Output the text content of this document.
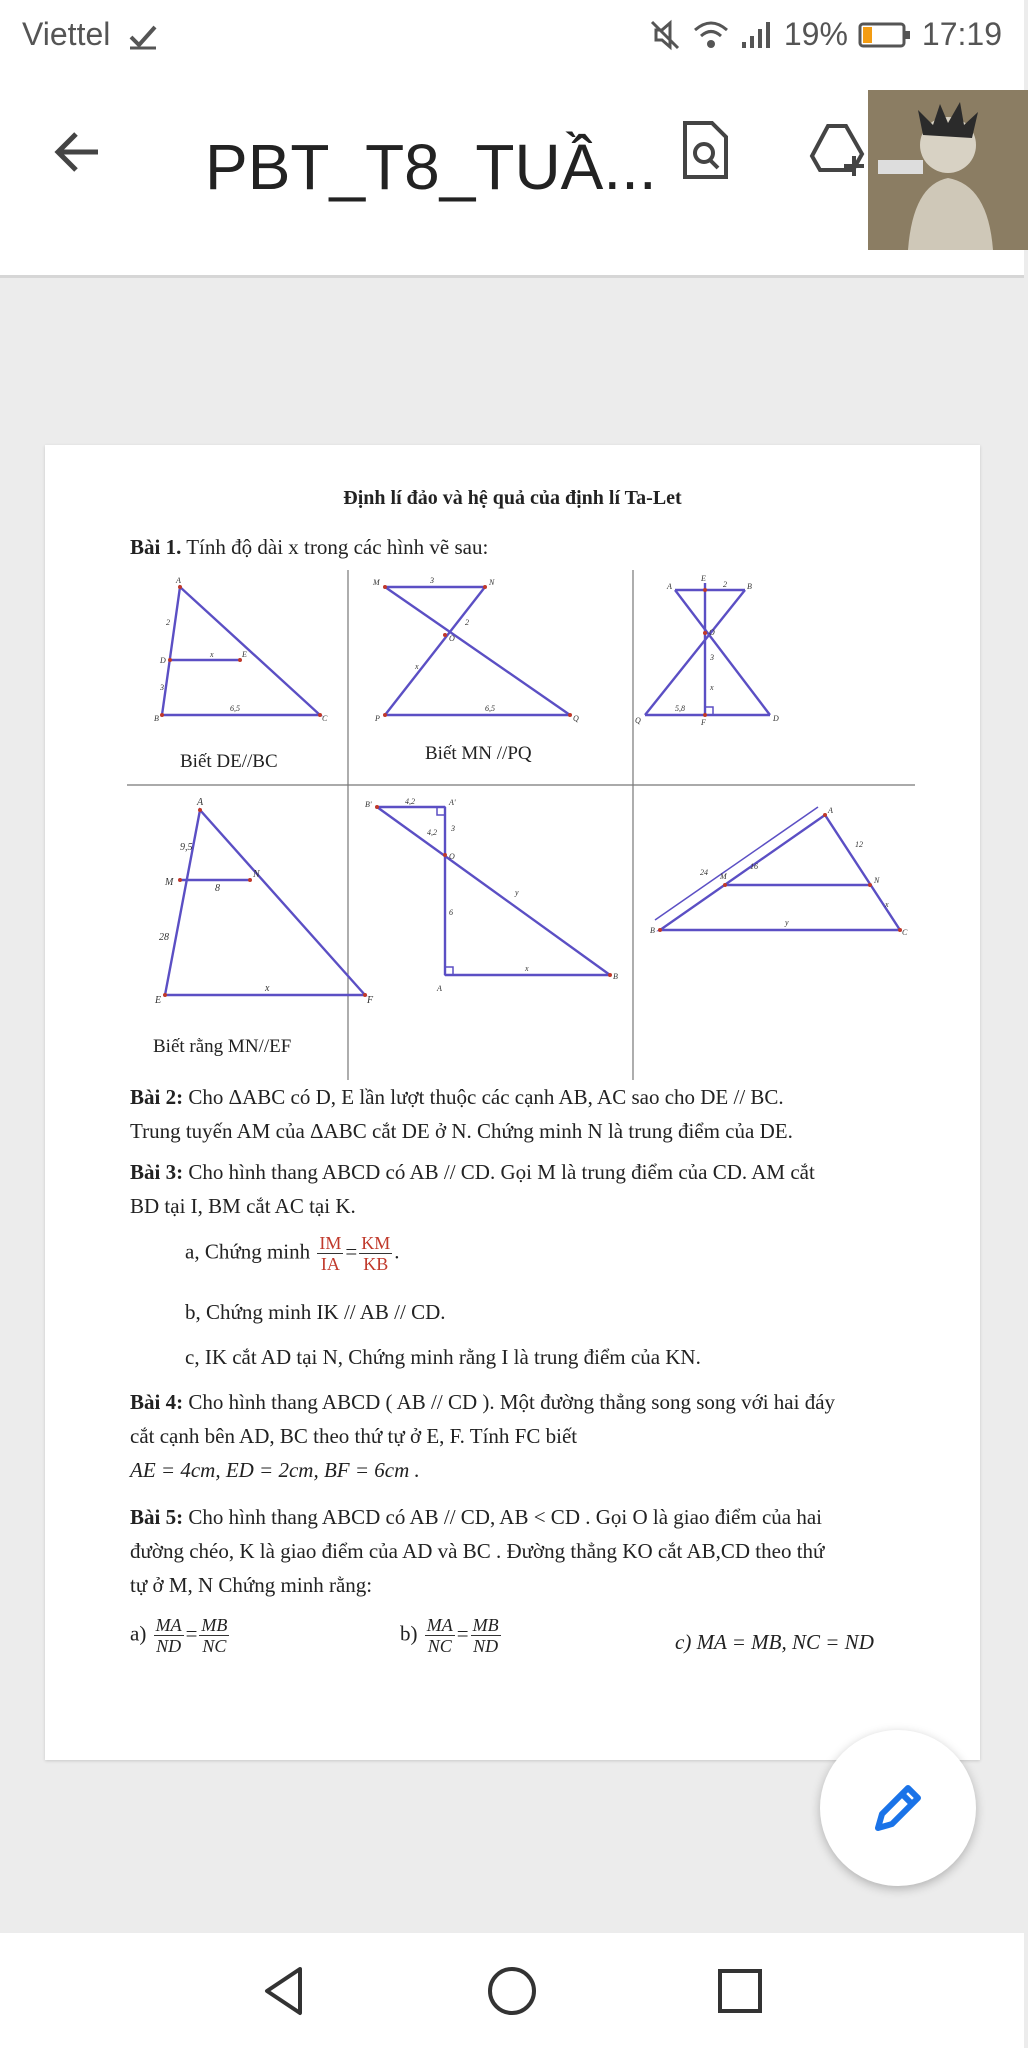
Viettel	19% 17:19
PBT_T8_TUẦ...
Định lí đảo và hệ quả của định lí Ta-Let
Bài 1. Tính độ dài x trong các hình vẽ sau:
A
B	C
D
E
2
3
x
6,5
Biết DE//BC
M	N
P	Q
O
3
2
x
6,5
Biết MN //PQ
A	B
E
O
Q	F	D
2
3
x
5,8
A
E	F
M
N
9,5
28
8
x
Biết rằng MN//EF
B'	A'
O
A
B
4,2
4,2 3
6
y
x
A
B	C
M	N
24
16
12
x
y
Bài 2: Cho ΔABC có D, E lần lượt thuộc các cạnh AB, AC sao cho DE // BC.
Trung tuyến AM của ΔABC cắt DE ở N. Chứng minh N là trung điểm của DE.
Bài 3: Cho hình thang ABCD có AB // CD. Gọi M là trung điểm của CD. AM cắt
BD tại I, BM cắt AC tại K.
a, Chứng minh $\frac{IM}{IA} = \frac{KM}{KB}$ .
b, Chứng minh IK // AB // CD.
c, IK cắt AD tại N, Chứng minh rằng I là trung điểm của KN.
Bài 4: Cho hình thang ABCD ( AB // CD ). Một đường thẳng song song với hai đáy
cắt cạnh bên AD, BC theo thứ tự ở E, F. Tính FC biết
AE = 4cm, ED = 2cm, BF = 6cm .
Bài 5: Cho hình thang ABCD có AB // CD, AB < CD . Gọi O là giao điểm của hai
đường chéo, K là giao điểm của AD và BC . Đường thẳng KO cắt AB,CD theo thứ
tự ở M, N Chứng minh rằng:
$a) \frac{MA}{ND} = \frac{MB}{NC}$	$b) \frac{MA}{NC} = \frac{MB}{ND}$	c) MA = MB, NC = ND
